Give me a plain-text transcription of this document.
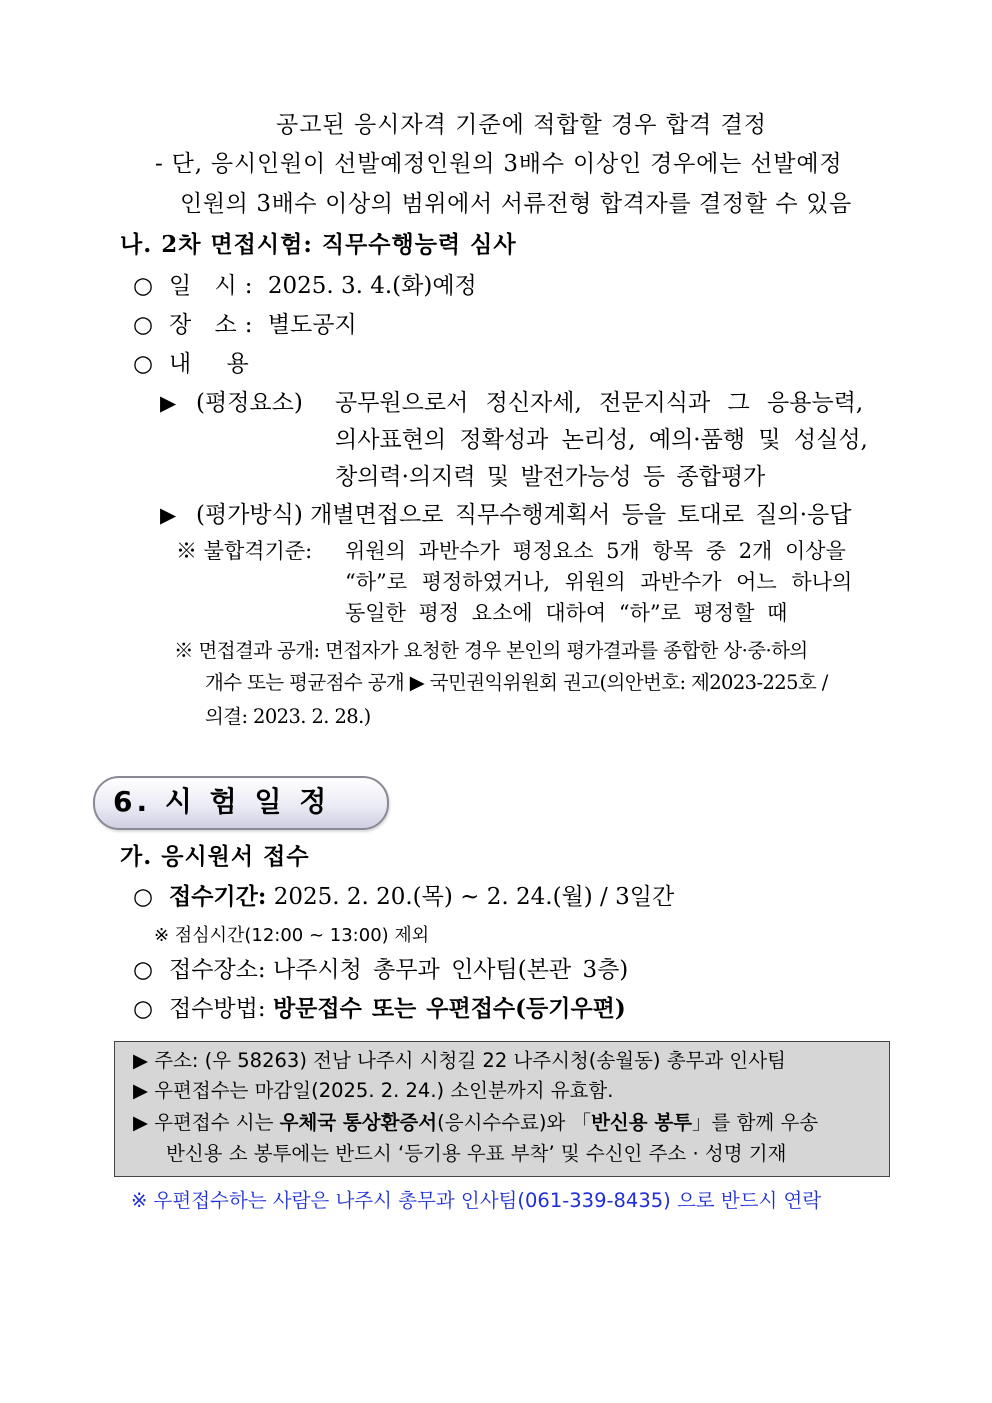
공고된 응시자격 기준에 적합할 경우 합격 결정
- 단, 응시인원이 선발예정인원의 3배수 이상인 경우에는 선발예정
인원의 3배수 이상의 범위에서 서류전형 합격자를 결정할 수 있음
나. 2차 면접시험: 직무수행능력 심사
○ 일 시: 2025. 3. 4.(화)예정
○ 장 소: 별도공지
○ 내 용
▶ (평정요소) 공무원으로서 정신자세, 전문지식과 그 응용능력,
의사표현의 정확성과 논리성, 예의·품행 및 성실성,
창의력·의지력 및 발전가능성 등 종합평가
▶ (평가방식) 개별면접으로 직무수행계획서 등을 토대로 질의·응답
※ 불합격기준: 위원의 과반수가 평정요소 5개 항목 중 2개 이상을
“하”로 평정하였거나, 위원의 과반수가 어느 하나의
동일한 평정 요소에 대하여 “하”로 평정할 때
※ 면접결과 공개: 면접자가 요청한 경우 본인의 평가결과를 종합한 상·중·하의
개수 또는 평균점수 공개 ▶ 국민권익위원회 권고(의안번호: 제2023-225호 /
의결: 2023. 2. 28.)
6. 시 험 일 정
가. 응시원서 접수
○ 접수기간: 2025. 2. 20.(목) ~ 2. 24.(월) / 3일간
※ 점심시간(12:00 ~ 13:00) 제외
○ 접수장소: 나주시청 총무과 인사팀(본관 3층)
○ 접수방법: 방문접수 또는 우편접수(등기우편)
▶ 주소: (우 58263) 전남 나주시 시청길 22 나주시청(송월동) 총무과 인사팀
▶ 우편접수는 마감일(2025. 2. 24.) 소인분까지 유효함.
▶ 우편접수 시는 우체국 통상환증서(응시수수료)와 「반신용 봉투」를 함께 우송
반신용 소 봉투에는 반드시 ‘등기용 우표 부착’ 및 수신인 주소 · 성명 기재
※ 우편접수하는 사람은 나주시 총무과 인사팀(061-339-8435) 으로 반드시 연락
